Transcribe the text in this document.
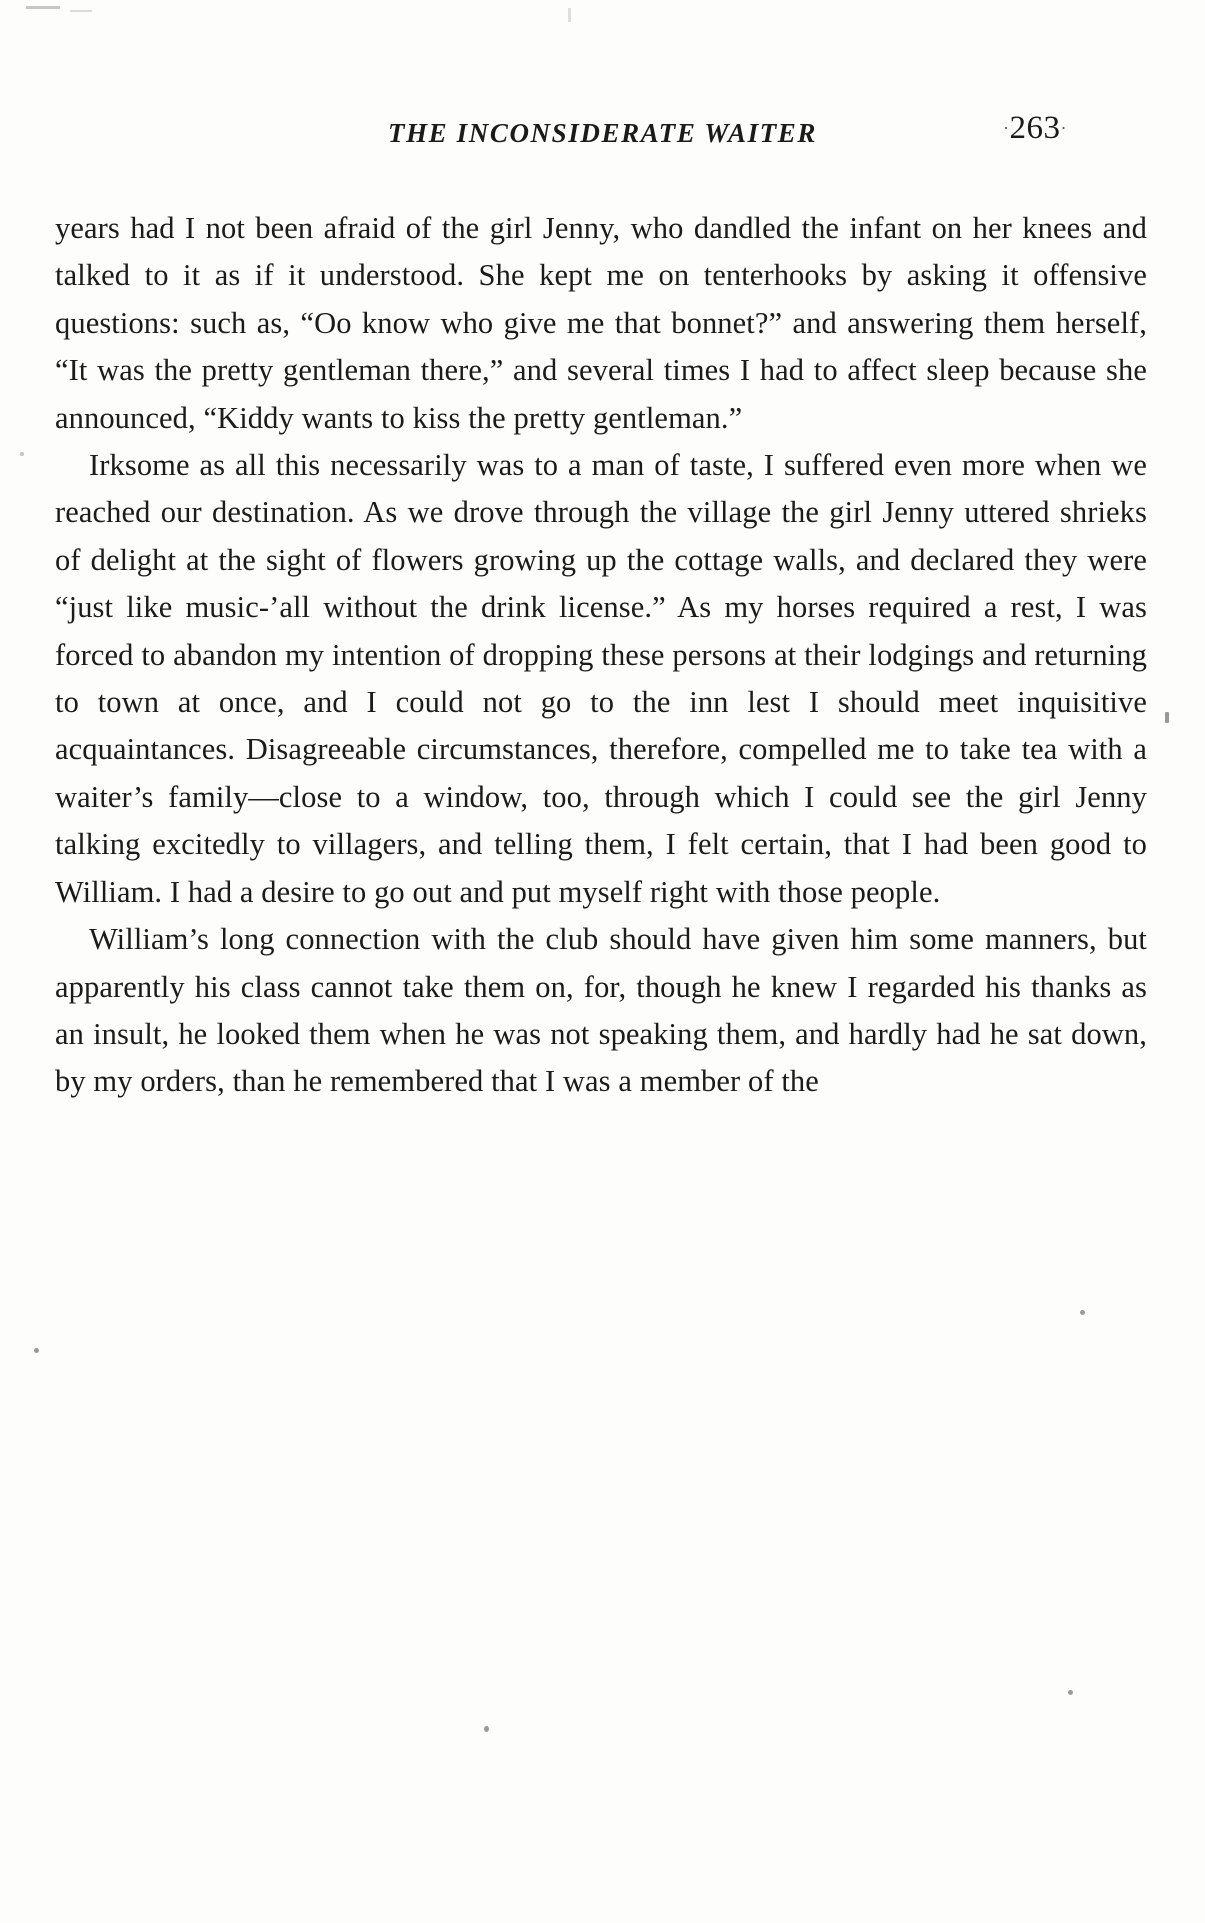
THE INCONSIDERATE WAITER	·263·

years had I not been afraid of the girl Jenny, who dandled the infant on her knees and talked to it as if it understood. She kept me on tenterhooks by asking it offensive questions: such as, “Oo know who give me that bonnet?” and answering them herself, “It was the pretty gentleman there,” and several times I had to affect sleep because she announced, “Kiddy wants to kiss the pretty gentleman.”

Irksome as all this necessarily was to a man of taste, I suffered even more when we reached our destination. As we drove through the village the girl Jenny uttered shrieks of delight at the sight of flowers growing up the cottage walls, and declared they were “just like music-’all without the drink license.” As my horses required a rest, I was forced to abandon my intention of dropping these persons at their lodgings and returning to town at once, and I could not go to the inn lest I should meet inquisitive acquaintances. Disagreeable circumstances, therefore, compelled me to take tea with a waiter’s family—close to a window, too, through which I could see the girl Jenny talking excitedly to villagers, and telling them, I felt certain, that I had been good to William. I had a desire to go out and put myself right with those people.

William’s long connection with the club should have given him some manners, but apparently his class cannot take them on, for, though he knew I regarded his thanks as an insult, he looked them when he was not speaking them, and hardly had he sat down, by my orders, than he remembered that I was a member of the
